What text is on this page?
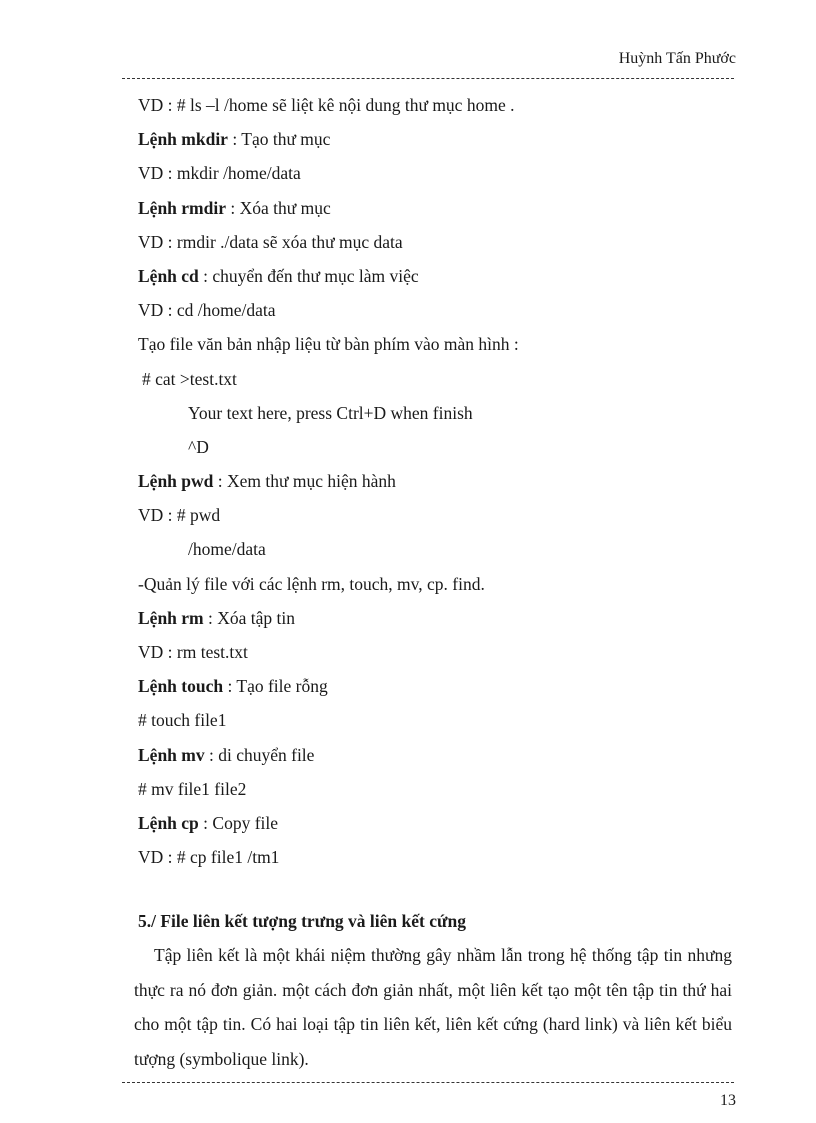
Huỳnh Tấn Phước
VD : # ls –l /home sẽ liệt kê nội dung thư mục home .
Lệnh mkdir : Tạo thư mục
VD : mkdir /home/data
Lệnh rmdir : Xóa thư mục
VD : rmdir ./data sẽ xóa thư mục data
Lệnh cd : chuyển đến thư mục làm việc
VD : cd /home/data
Tạo file văn bản nhập liệu từ bàn phím vào màn hình :
# cat >test.txt
Your text here, press Ctrl+D when finish
^D
Lệnh pwd : Xem thư mục hiện hành
VD : # pwd
/home/data
-Quản lý file với các lệnh rm, touch, mv, cp. find.
Lệnh rm : Xóa tập tin
VD : rm test.txt
Lệnh touch : Tạo file rỗng
# touch file1
Lệnh mv : di chuyển file
# mv file1 file2
Lệnh cp : Copy file
VD : # cp file1 /tm1
5./ File liên kết tượng trưng và liên kết cứng
Tập liên kết là một khái niệm thường gây nhầm lẫn trong hệ thống tập tin nhưng thực ra nó đơn giản. một cách đơn giản nhất, một liên kết tạo một tên tập tin thứ hai cho một tập tin. Có hai loại tập tin liên kết, liên kết cứng (hard link) và liên kết biểu tượng (symbolique link).
13
